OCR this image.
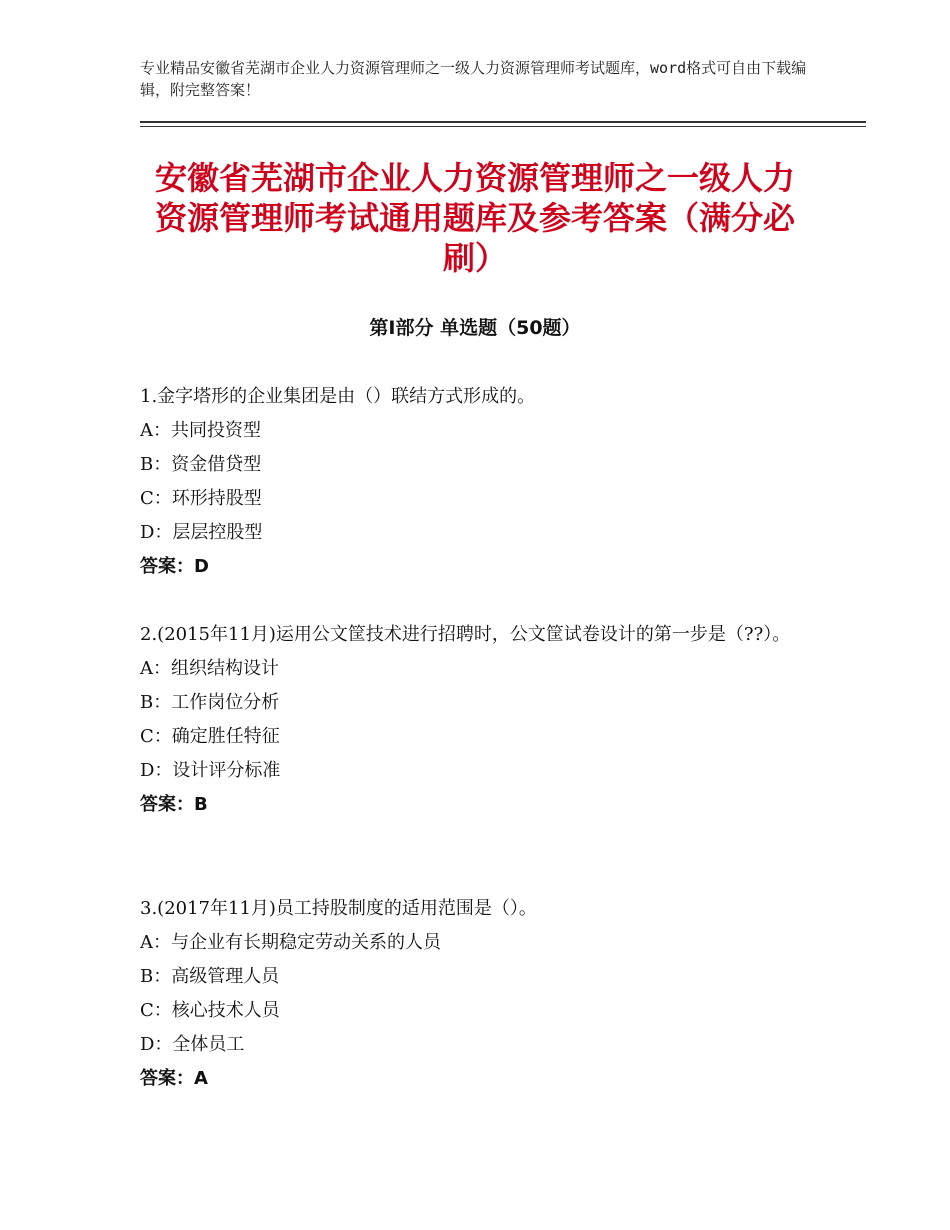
专业精品安徽省芜湖市企业人力资源管理师之一级人力资源管理师考试题库，word格式可自由下载编辑，附完整答案！
安徽省芜湖市企业人力资源管理师之一级人力资源管理师考试通用题库及参考答案（满分必刷）
第Ⅰ部分 单选题（50题）

1.金字塔形的企业集团是由（）联结方式形成的。

A：共同投资型

B：资金借贷型

C：环形持股型

D：层层控股型

答案：D

2.(2015年11月)运用公文筐技术进行招聘时，公文筐试卷设计的第一步是（??）。

A：组织结构设计

B：工作岗位分析

C：确定胜任特征

D：设计评分标准

答案：B

3.(2017年11月)员工持股制度的适用范围是（）。

A：与企业有长期稳定劳动关系的人员

B：高级管理人员

C：核心技术人员

D：全体员工

答案：A
